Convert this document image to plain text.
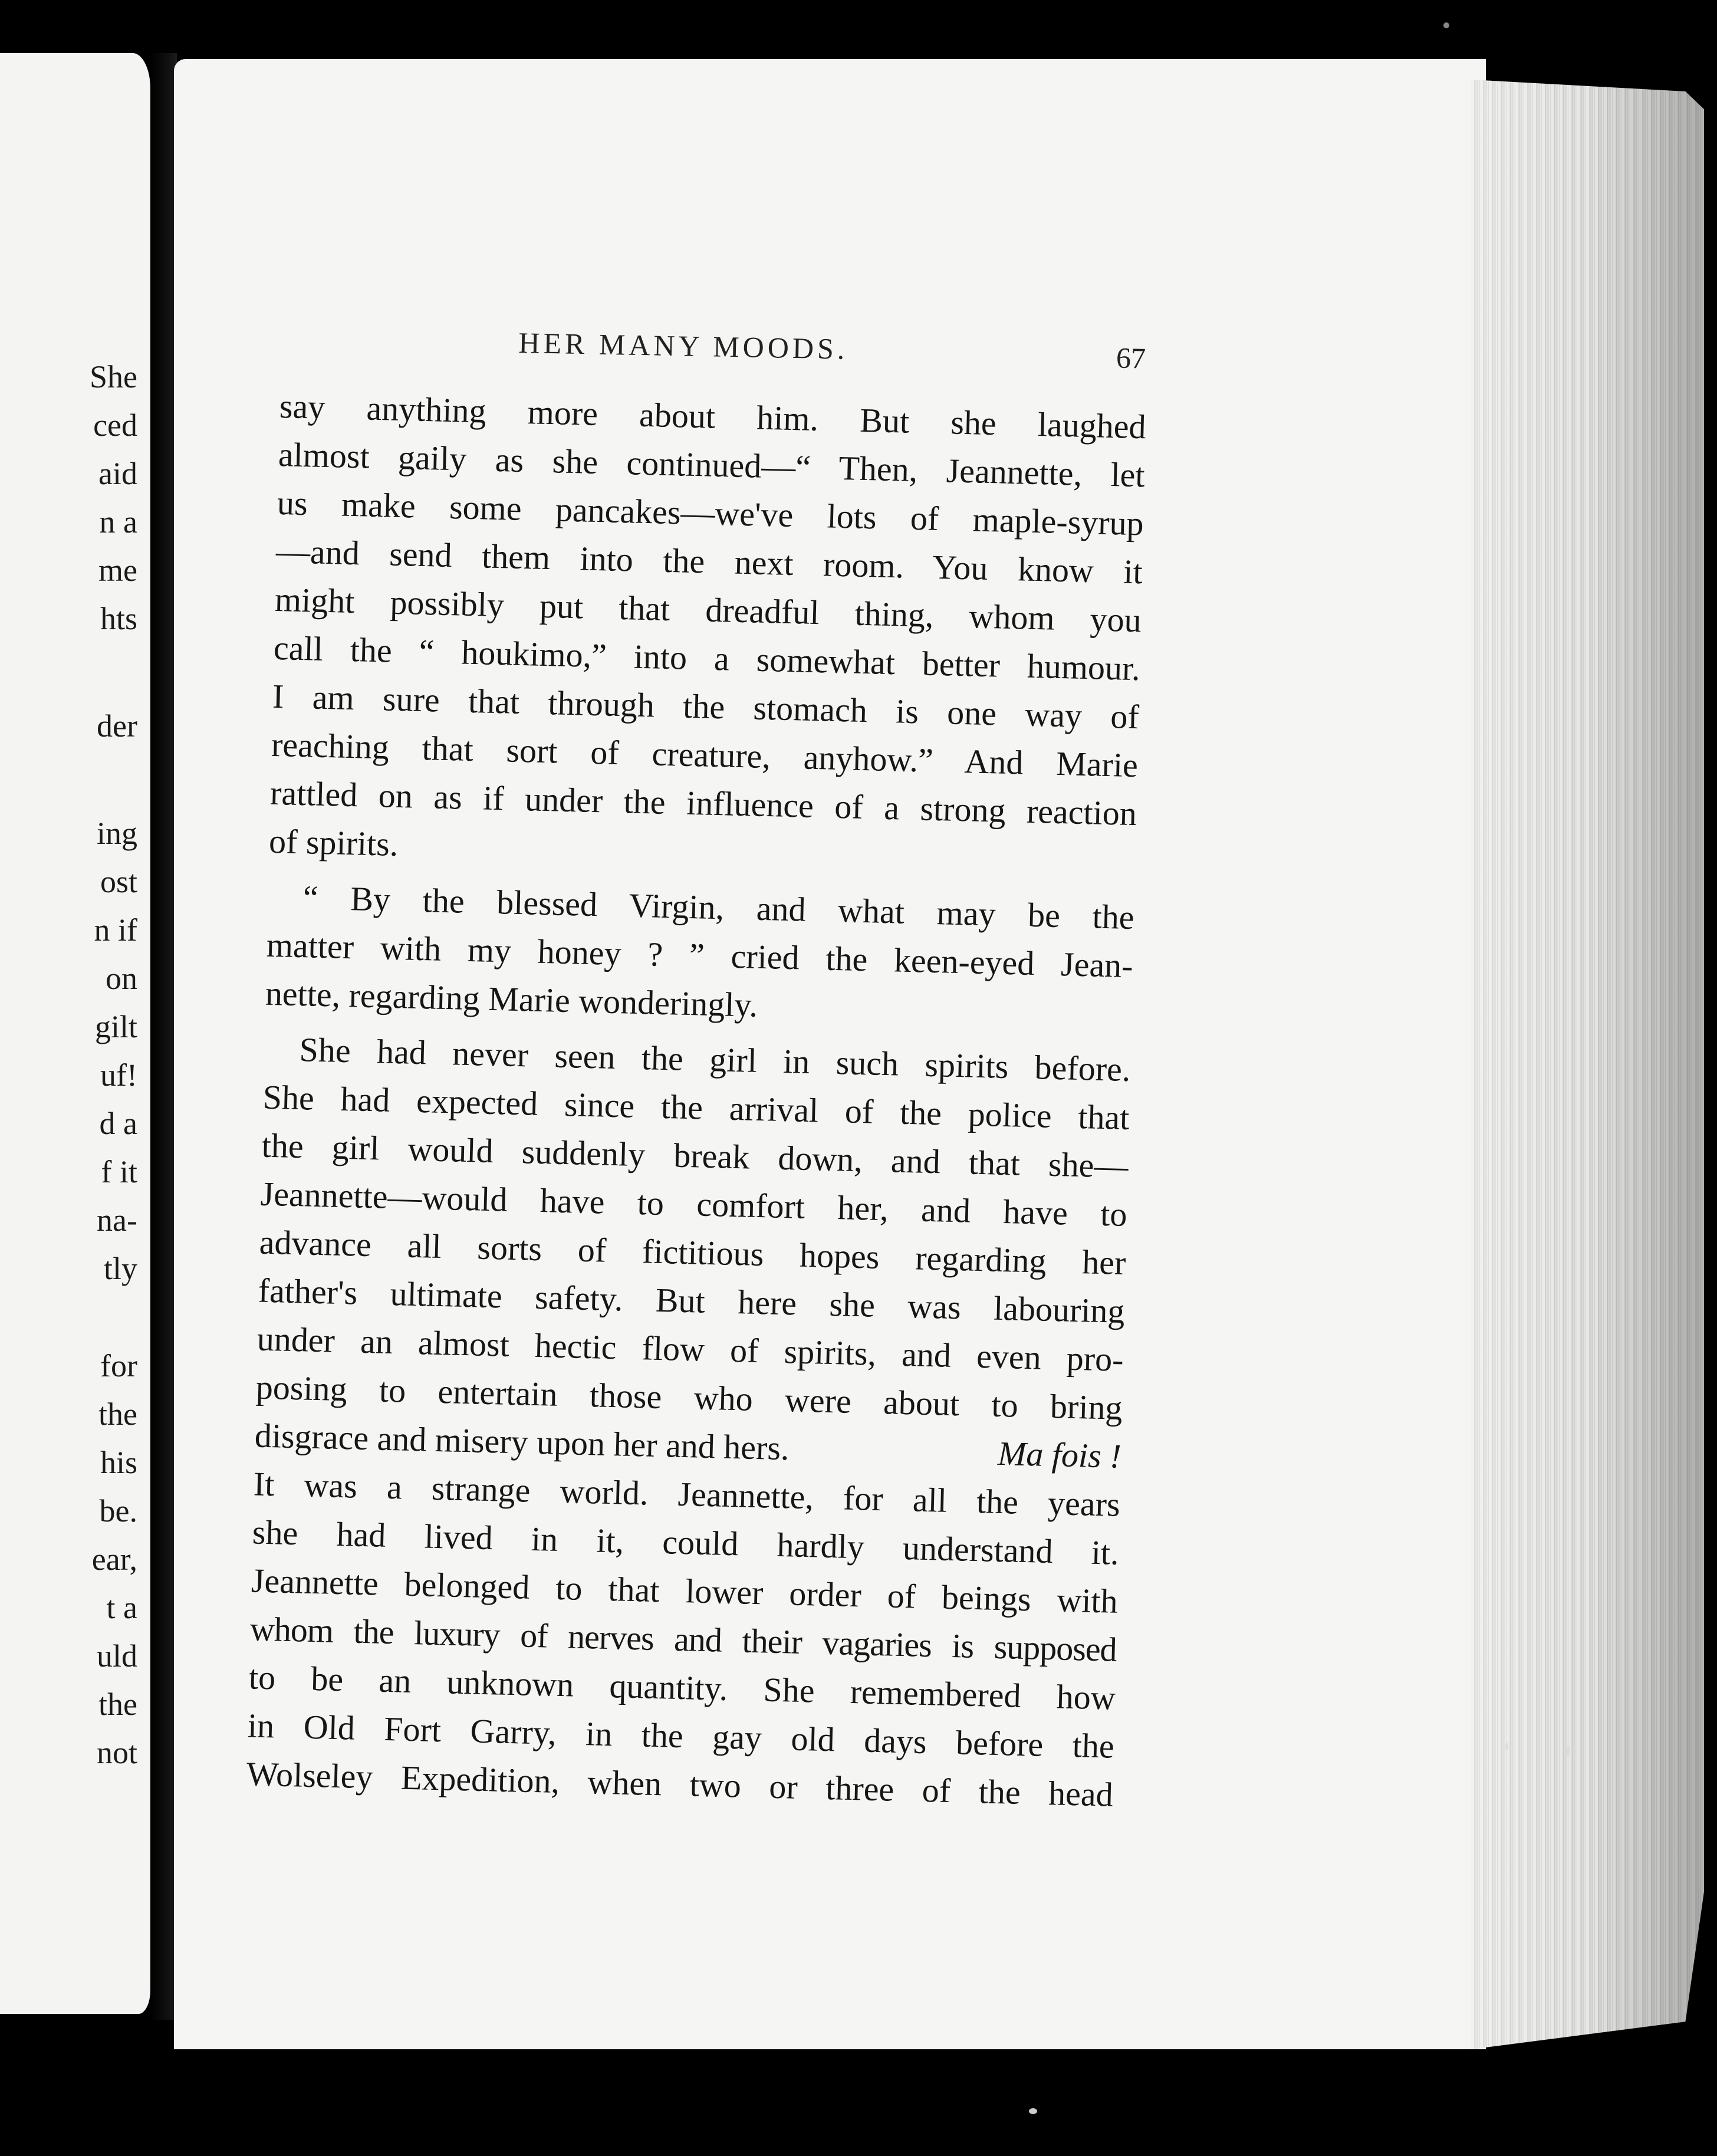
She
ced
aid
n a
me
hts
der
ing
ost
n if
on
gilt
uf!
d a
f it
na-
tly
for
the
his
be.
ear,
t a
uld
the
not
HER MANY MOODS.	67
say anything more about him. But she laughed
almost gaily as she continued—“ Then, Jeannette, let
us make some pancakes—we've lots of maple-syrup
—and send them into the next room. You know it
might possibly put that dreadful thing, whom you
call the “ houkimo,” into a somewhat better humour.
I am sure that through the stomach is one way of
reaching that sort of creature, anyhow.” And Marie
rattled on as if under the influence of a strong reaction
of spirits.
“ By the blessed Virgin, and what may be the
matter with my honey ? ” cried the keen-eyed Jean-
nette, regarding Marie wonderingly.
She had never seen the girl in such spirits before.
She had expected since the arrival of the police that
the girl would suddenly break down, and that she—
Jeannette—would have to comfort her, and have to
advance all sorts of fictitious hopes regarding her
father's ultimate safety. But here she was labouring
under an almost hectic flow of spirits, and even pro-
posing to entertain those who were about to bring
disgrace and misery upon her and hers.	Ma fois !
It was a strange world. Jeannette, for all the years
she had lived in it, could hardly understand it.
Jeannette belonged to that lower order of beings with
whom the luxury of nerves and their vagaries is supposed
to be an unknown quantity. She remembered how
in Old Fort Garry, in the gay old days before the
Wolseley Expedition, when two or three of the head
